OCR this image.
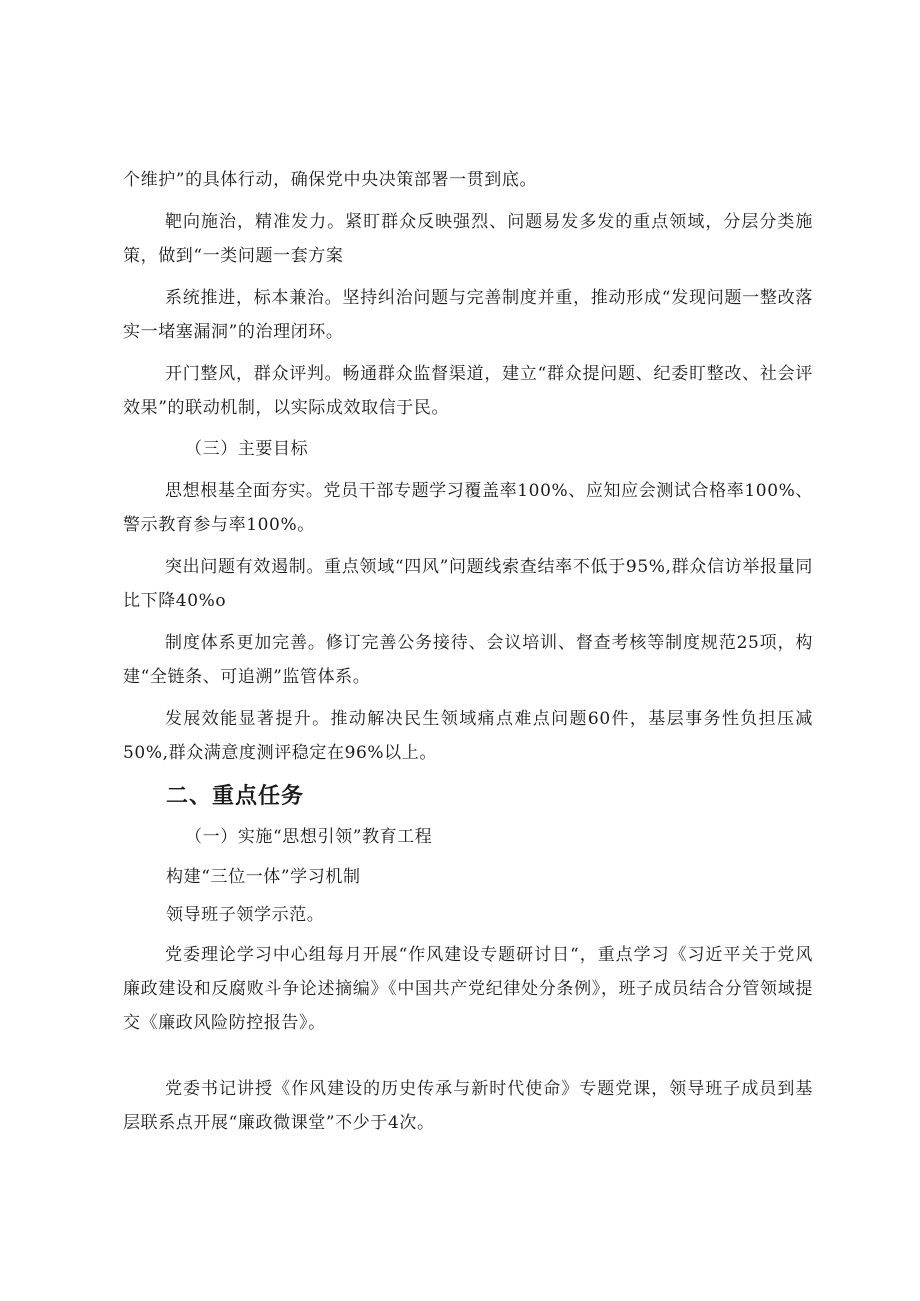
个维护”的具体行动，确保党中央决策部署一贯到底。

靶向施治，精准发力。紧盯群众反映强烈、问题易发多发的重点领域，分层分类施策，做到“一类问题一套方案

系统推进，标本兼治。坚持纠治问题与完善制度并重，推动形成“发现问题一整改落实一堵塞漏洞”的治理闭环。

开门整风，群众评判。畅通群众监督渠道，建立“群众提问题、纪委盯整改、社会评效果”的联动机制，以实际成效取信于民。

（三）主要目标

思想根基全面夯实。党员干部专题学习覆盖率100%、应知应会测试合格率100%、警示教育参与率100%。

突出问题有效遏制。重点领域“四风”问题线索查结率不低于95%,群众信访举报量同比下降40%o

制度体系更加完善。修订完善公务接待、会议培训、督查考核等制度规范25项，构建“全链条、可追溯”监管体系。

发展效能显著提升。推动解决民生领域痛点难点问题60件，基层事务性负担压减50%,群众满意度测评稳定在96%以上。

二、重点任务

（一）实施“思想引领”教育工程

构建“三位一体”学习机制

领导班子领学示范。

党委理论学习中心组每月开展“作风建设专题研讨日“，重点学习《习近平关于党风廉政建设和反腐败斗争论述摘编》《中国共产党纪律处分条例》，班子成员结合分管领域提交《廉政风险防控报告》。

党委书记讲授《作风建设的历史传承与新时代使命》专题党课，领导班子成员到基层联系点开展“廉政微课堂”不少于4次。
